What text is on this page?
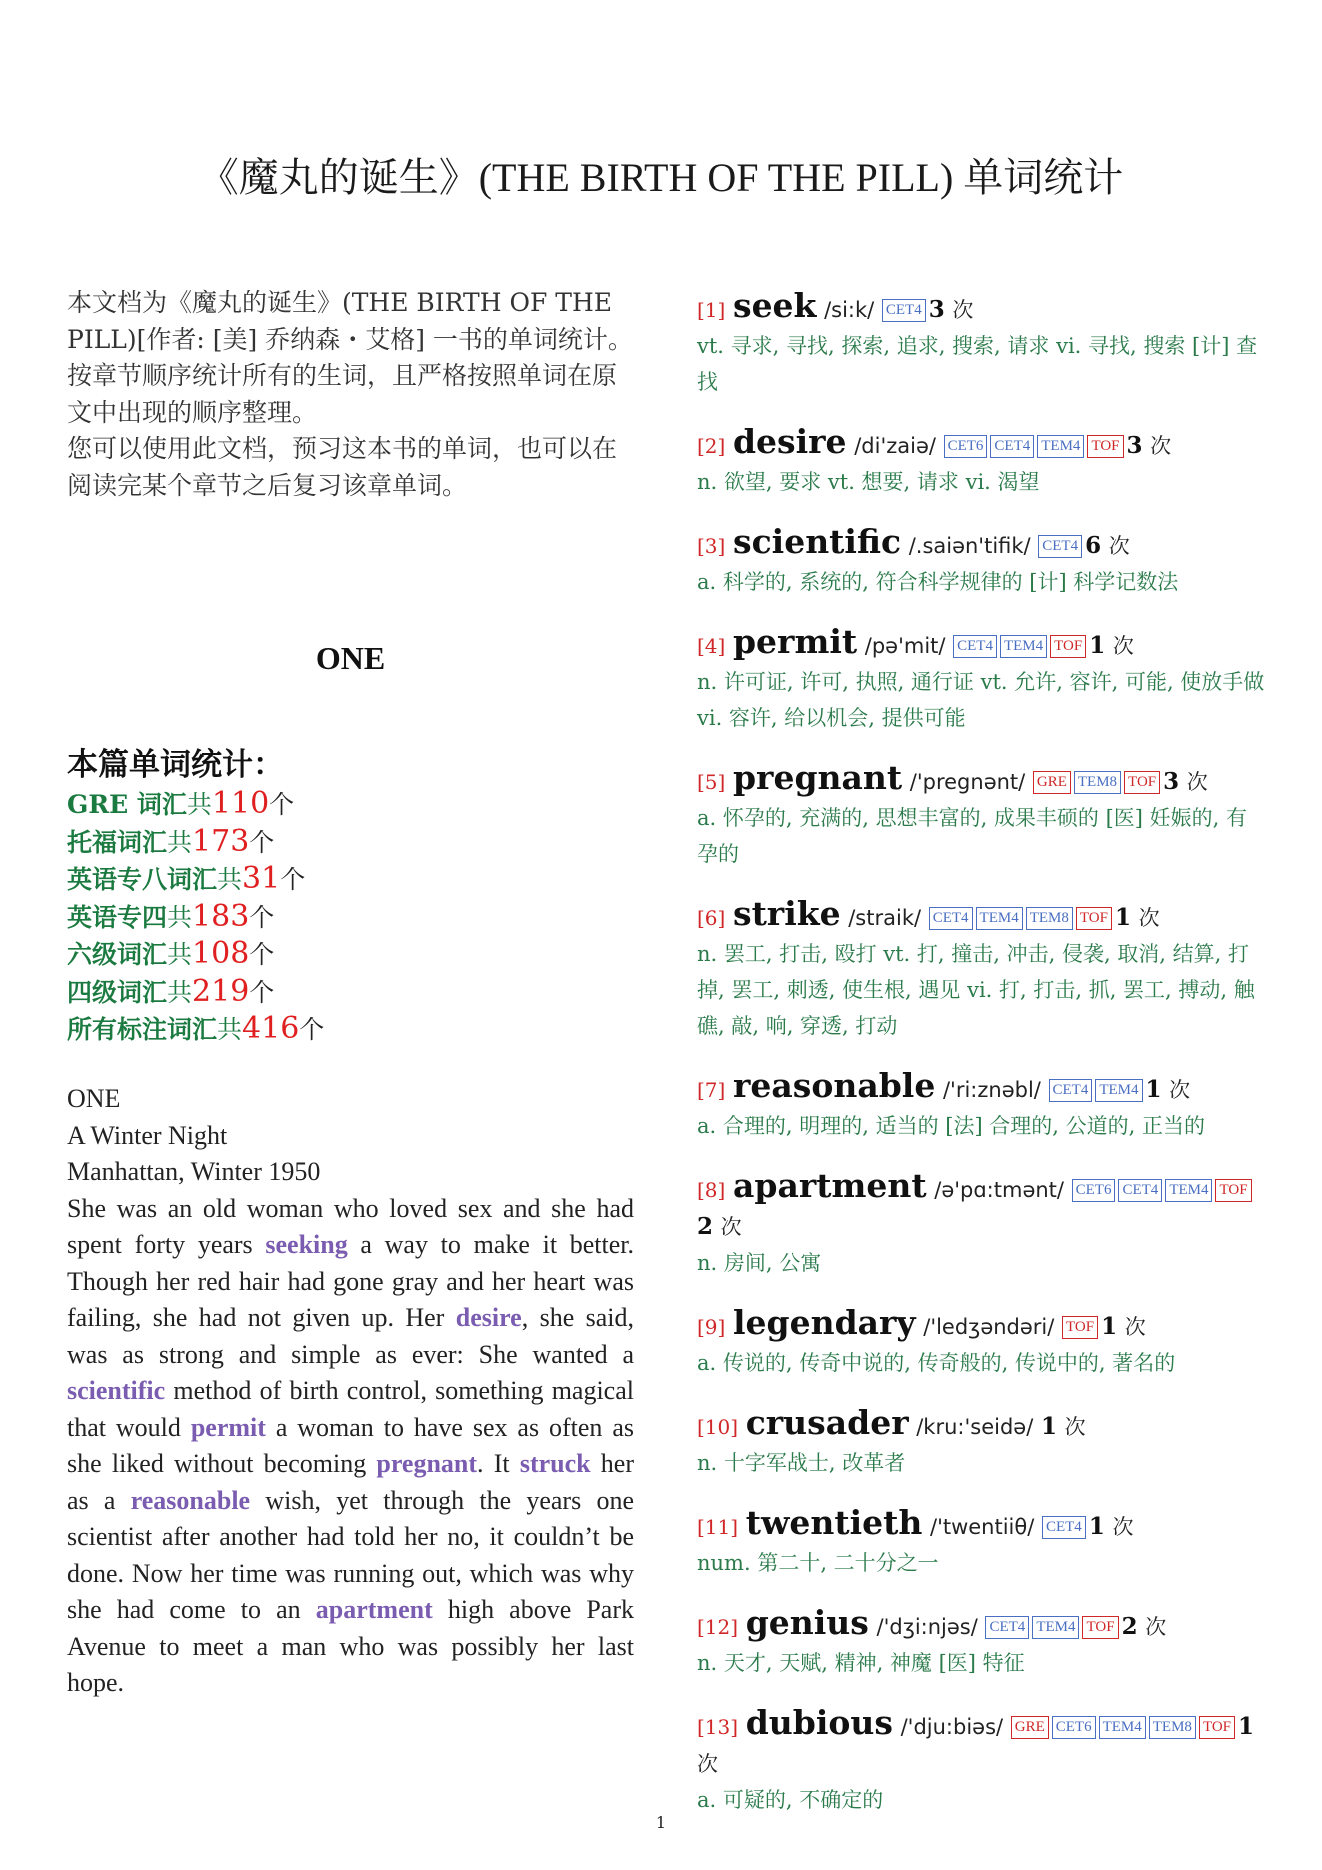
《魔丸的诞生》(THE BIRTH OF THE PILL) 单词统计

本文档为《魔丸的诞生》(THE BIRTH OF THE PILL)[作者: [美] 乔纳森・艾格] 一书的单词统计。

按章节顺序统计所有的生词，且严格按照单词在原文中出现的顺序整理。

您可以使用此文档，预习这本书的单词，也可以在阅读完某个章节之后复习该章单词。

ONE
本篇单词统计：
GRE 词汇共110个
托福词汇共173个
英语专八词汇共31个
英语专四共183个
六级词汇共108个
四级词汇共219个
所有标注词汇共416个
ONE
A Winter Night
Manhattan, Winter 1950

She was an old woman who loved sex and she had spent forty years seeking a way to make it better. Though her red hair had gone gray and her heart was failing, she had not given up. Her desire, she said, was as strong and simple as ever: She wanted a scientific method of birth control, something magical that would permit a woman to have sex as often as she liked without becoming pregnant. It struck her as a reasonable wish, yet through the years one scientist after another had told her no, it couldn’t be done. Now her time was running out, which was why she had come to an apartment high above Park Avenue to meet a man who was possibly her last hope.

[1] seek /si:k/ CET4 3 次
vt. 寻求, 寻找, 探索, 追求, 搜索, 请求 vi. 寻找, 搜索 [计] 查找
[2] desire /di'zaiə/ CET6 CET4 TEM4 TOF 3 次
n. 欲望, 要求 vt. 想要, 请求 vi. 渴望
[3] scientific /.saiən'tifik/ CET4 6 次
a. 科学的, 系统的, 符合科学规律的 [计] 科学记数法
[4] permit /pə'mit/ CET4 TEM4 TOF 1 次
n. 许可证, 许可, 执照, 通行证 vt. 允许, 容许, 可能, 使放手做 vi. 容许, 给以机会, 提供可能
[5] pregnant /'pregnənt/ GRE TEM8 TOF 3 次
a. 怀孕的, 充满的, 思想丰富的, 成果丰硕的 [医] 妊娠的, 有孕的
[6] strike /straik/ CET4 TEM4 TEM8 TOF 1 次
n. 罢工, 打击, 殴打 vt. 打, 撞击, 冲击, 侵袭, 取消, 结算, 打掉, 罢工, 刺透, 使生根, 遇见 vi. 打, 打击, 抓, 罢工, 搏动, 触礁, 敲, 响, 穿透, 打动
[7] reasonable /'ri:znəbl/ CET4 TEM4 1 次
a. 合理的, 明理的, 适当的 [法] 合理的, 公道的, 正当的
[8] apartment /ə'pɑ:tmənt/ CET6 CET4 TEM4 TOF2 次
n. 房间, 公寓
[9] legendary /'ledʒəndəri/ TOF 1 次
a. 传说的, 传奇中说的, 传奇般的, 传说中的, 著名的
[10] crusader /kru:'seidə/ 1 次
n. 十字军战士, 改革者
[11] twentieth /'twentiiθ/ CET4 1 次
num. 第二十, 二十分之一
[12] genius /'dʒi:njəs/ CET4 TEM4 TOF 2 次
n. 天才, 天赋, 精神, 神魔 [医] 特征
[13] dubious /'dju:biəs/ GRE CET6 TEM4 TEM8 TOF 1 次
a. 可疑的, 不确定的
1
